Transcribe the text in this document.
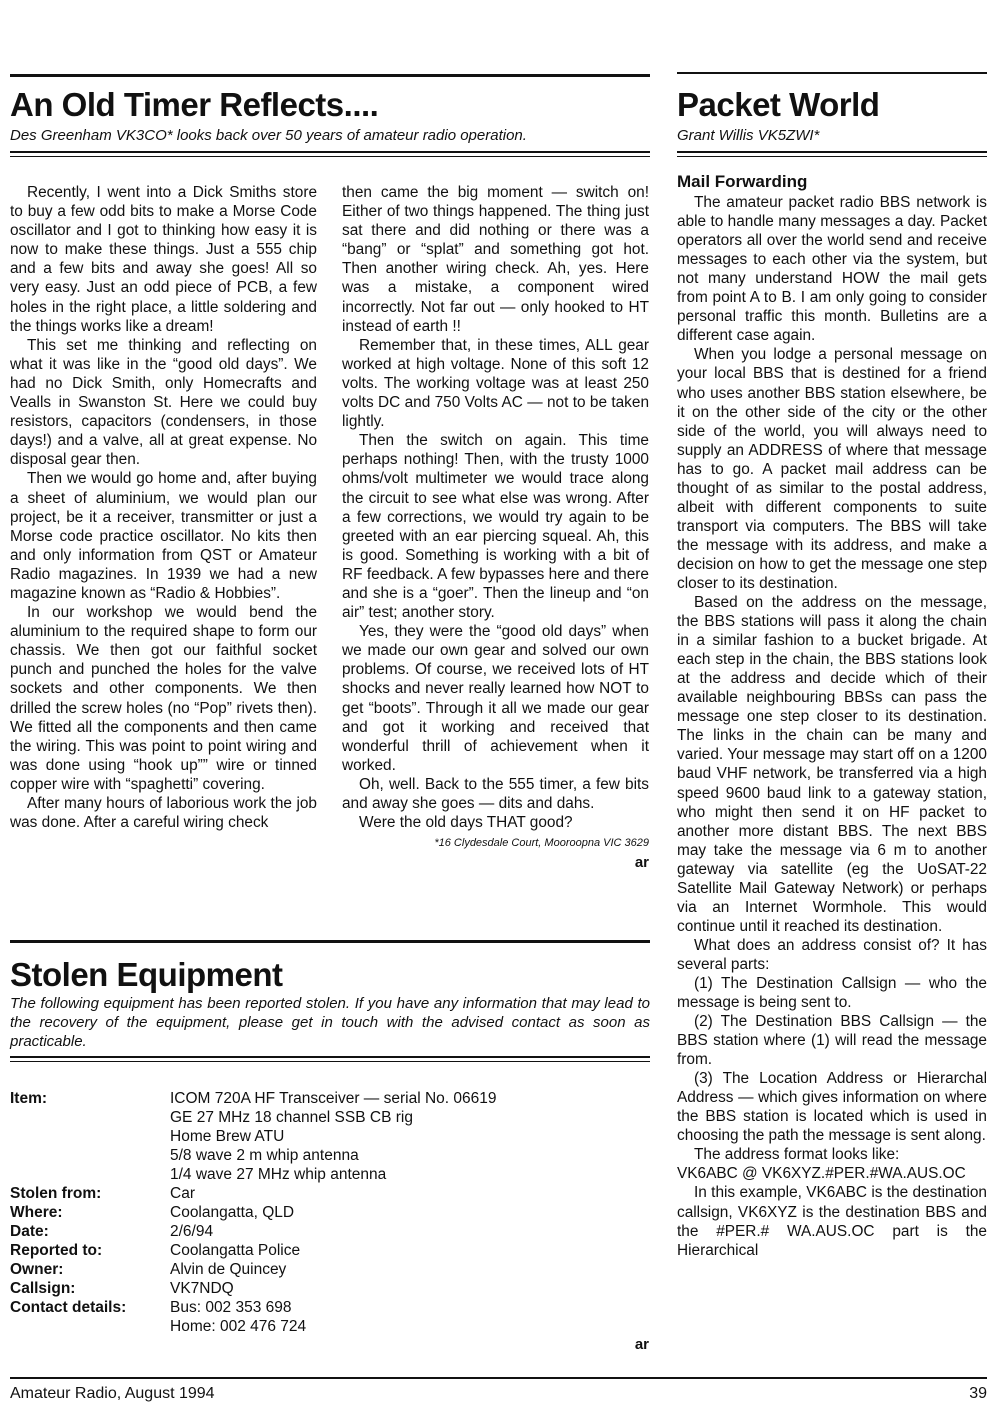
An Old Timer Reflects....
Des Greenham VK3CO* looks back over 50 years of amateur radio operation.

Recently, I went into a Dick Smiths store to buy a few odd bits to make a Morse Code oscillator and I got to thinking how easy it is now to make these things. Just a 555 chip and a few bits and away she goes! All so very easy. Just an odd piece of PCB, a few holes in the right place, a little soldering and the things works like a dream!

This set me thinking and reflecting on what it was like in the “good old days”. We had no Dick Smith, only Homecrafts and Vealls in Swanston St. Here we could buy resistors, capacitors (condensers, in those days!) and a valve, all at great expense. No disposal gear then.

Then we would go home and, after buying a sheet of aluminium, we would plan our project, be it a receiver, transmitter or just a Morse code practice oscillator. No kits then and only information from QST or Amateur Radio magazines. In 1939 we had a new magazine known as “Radio & Hobbies”.

In our workshop we would bend the aluminium to the required shape to form our chassis. We then got our faithful socket punch and punched the holes for the valve sockets and other components. We then drilled the screw holes (no “Pop” rivets then). We fitted all the components and then came the wiring. This was point to point wiring and was done using “hook up”” wire or tinned copper wire with “spaghetti” covering.

After many hours of laborious work the job was done. After a careful wiring check

then came the big moment — switch on! Either of two things happened. The thing just sat there and did nothing or there was a “bang” or “splat” and something got hot. Then another wiring check. Ah, yes. Here was a mistake, a component wired incorrectly. Not far out — only hooked to HT instead of earth !!

Remember that, in these times, ALL gear worked at high voltage. None of this soft 12 volts. The working voltage was at least 250 volts DC and 750 Volts AC — not to be taken lightly.

Then the switch on again. This time perhaps nothing! Then, with the trusty 1000 ohms/volt multimeter we would trace along the circuit to see what else was wrong. After a few corrections, we would try again to be greeted with an ear piercing squeal. Ah, this is good. Something is working with a bit of RF feedback. A few bypasses here and there and she is a “goer”. Then the lineup and “on air” test; another story.

Yes, they were the “good old days” when we made our own gear and solved our own problems. Of course, we received lots of HT shocks and never really learned how NOT to get “boots”. Through it all we made our gear and got it working and received that wonderful thrill of achievement when it worked.

Oh, well. Back to the 555 timer, a few bits and away she goes — dits and dahs.

Were the old days THAT good?

*16 Clydesdale Court, Mooroopna VIC 3629
ar
Stolen Equipment
The following equipment has been reported stolen. If you have any information that may lead to the recovery of the equipment, please get in touch with the advised contact as soon as practicable.
Item:	ICOM 720A HF Transceiver — serial No. 06619
	GE 27 MHz 18 channel SSB CB rig
	Home Brew ATU
	5/8 wave 2 m whip antenna
	1/4 wave 27 MHz whip antenna
Stolen from:	Car
Where:	Coolangatta, QLD
Date:	2/6/94
Reported to:	Coolangatta Police
Owner:	Alvin de Quincey
Callsign:	VK7NDQ
Contact details:	Bus: 002 353 698
	Home: 002 476 724
ar
Packet World
Grant Willis VK5ZWI*
Mail Forwarding

The amateur packet radio BBS network is able to handle many messages a day. Packet operators all over the world send and receive messages to each other via the system, but not many understand HOW the mail gets from point A to B. I am only going to consider personal traffic this month. Bulletins are a different case again.

When you lodge a personal message on your local BBS that is destined for a friend who uses another BBS station elsewhere, be it on the other side of the city or the other side of the world, you will always need to supply an ADDRESS of where that message has to go. A packet mail address can be thought of as similar to the postal address, albeit with different components to suite transport via computers. The BBS will take the message with its address, and make a decision on how to get the message one step closer to its destination.

Based on the address on the message, the BBS stations will pass it along the chain in a similar fashion to a bucket brigade. At each step in the chain, the BBS stations look at the address and decide which of their available neighbouring BBSs can pass the message one step closer to its destination. The links in the chain can be many and varied. Your message may start off on a 1200 baud VHF network, be transferred via a high speed 9600 baud link to a gateway station, who might then send it on HF packet to another more distant BBS. The next BBS may take the message via 6 m to another gateway via satellite (eg the UoSAT-22 Satellite Mail Gateway Network) or perhaps via an Internet Wormhole. This would continue until it reached its destination.

What does an address consist of? It has several parts:

(1) The Destination Callsign — who the message is being sent to.

(2) The Destination BBS Callsign — the BBS station where (1) will read the message from.

(3) The Location Address or Hierarchal Address — which gives information on where the BBS station is located which is used in choosing the path the message is sent along.

The address format looks like:

VK6ABC @ VK6XYZ.#PER.#WA.AUS.OC

In this example, VK6ABC is the destination callsign, VK6XYZ is the destination BBS and the #PER.# WA.AUS.OC part is the Hierarchical

Amateur Radio, August 1994	39
